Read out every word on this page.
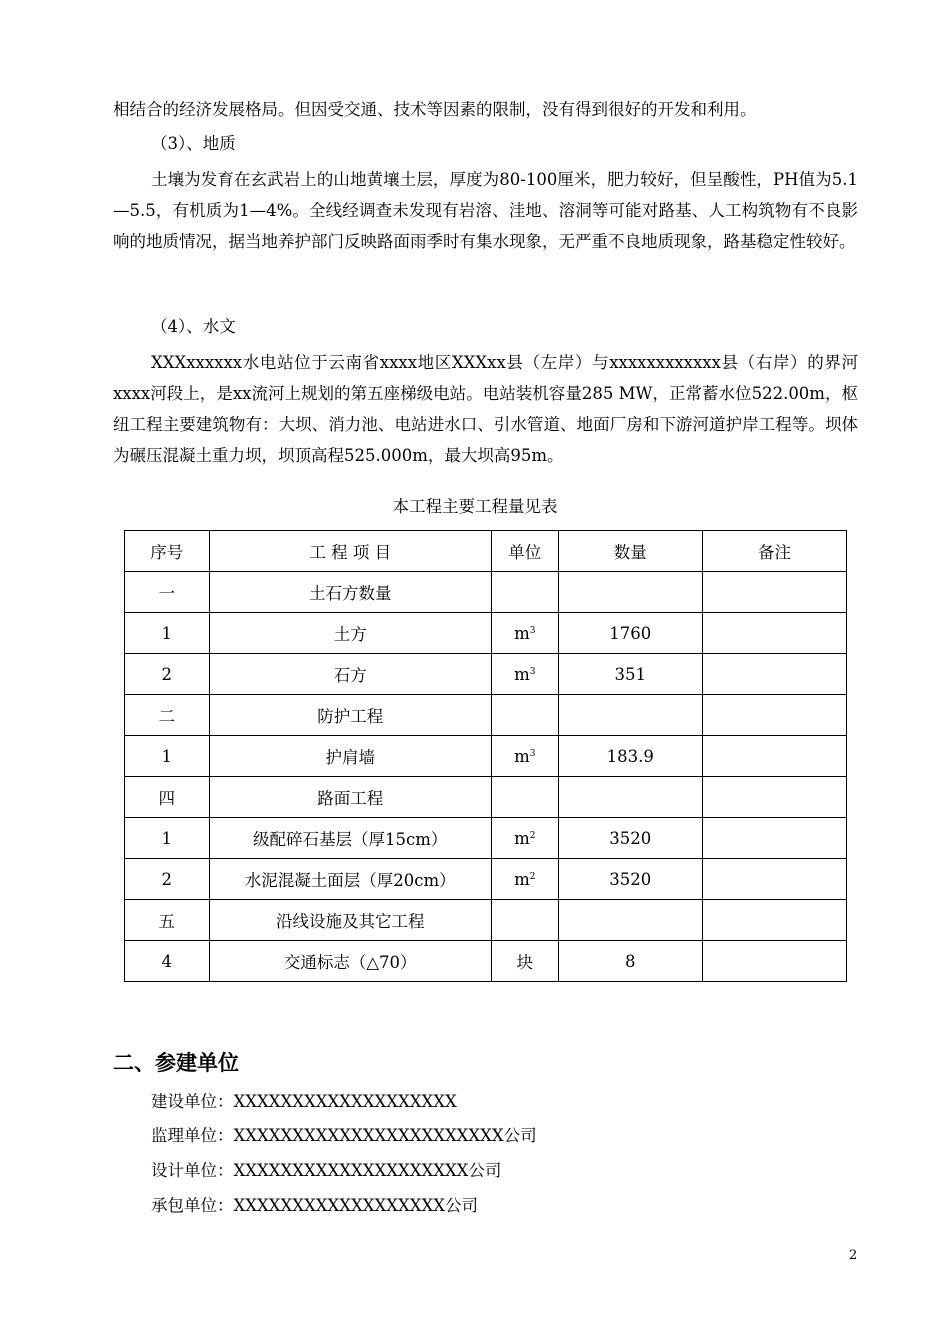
相结合的经济发展格局。但因受交通、技术等因素的限制，没有得到很好的开发和利用。

（3）、地质

土壤为发育在玄武岩上的山地黄壤土层，厚度为80-100厘米，肥力较好，但呈酸性，PH值为5.1—5.5，有机质为1—4%。全线经调查未发现有岩溶、洼地、溶洞等可能对路基、人工构筑物有不良影响的地质情况，据当地养护部门反映路面雨季时有集水现象，无严重不良地质现象，路基稳定性较好。

（4）、水文

XXXxxxxxx水电站位于云南省xxxx地区XXXxx县（左岸）与xxxxxxxxxxxx县（右岸）的界河xxxx河段上，是xx流河上规划的第五座梯级电站。电站装机容量285 MW，正常蓄水位522.00m，枢纽工程主要建筑物有：大坝、消力池、电站进水口、引水管道、地面厂房和下游河道护岸工程等。坝体为碾压混凝土重力坝，坝顶高程525.000m，最大坝高95m。

本工程主要工程量见表
序号	工 程 项 目	单位	数量	备注
一	土石方数量			
1	土方	$m^3$	1760	
2	石方	$m^3$	351	
二	防护工程			
1	护肩墙	$m^3$	183.9	
四	路面工程			
1	级配碎石基层（厚15cm）	$m^2$	3520	
2	水泥混凝土面层（厚20cm）	$m^2$	3520	
五	沿线设施及其它工程			
4	交通标志（△70）	块	8	
二、参建单位
建设单位：XXXXXXXXXXXXXXXXXXX
监理单位：XXXXXXXXXXXXXXXXXXXXXXX公司
设计单位：XXXXXXXXXXXXXXXXXXXX公司
承包单位：XXXXXXXXXXXXXXXXXX公司
2
